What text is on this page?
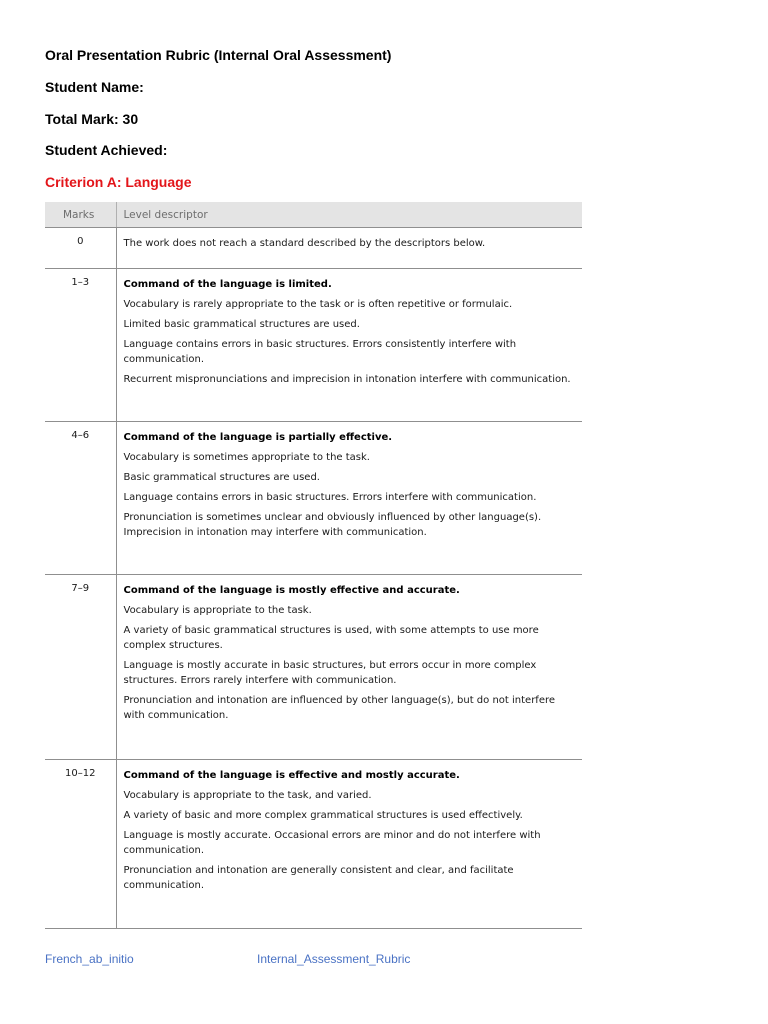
Oral Presentation Rubric (Internal Oral Assessment)
Student Name:
Total Mark: 30
Student Achieved:
Criterion A: Language
Marks	Level descriptor
0	The work does not reach a standard described by the descriptors below.

1–3	Command of the language is limited.
Vocabulary is rarely appropriate to the task or is often repetitive or formulaic.
Limited basic grammatical structures are used.
Language contains errors in basic structures. Errors consistently interfere with communication.
Recurrent mispronunciations and imprecision in intonation interfere with communication.

4–6	Command of the language is partially effective.
Vocabulary is sometimes appropriate to the task.
Basic grammatical structures are used.
Language contains errors in basic structures. Errors interfere with communication.
Pronunciation is sometimes unclear and obviously influenced by other language(s). Imprecision in intonation may interfere with communication.

7–9	Command of the language is mostly effective and accurate.
Vocabulary is appropriate to the task.
A variety of basic grammatical structures is used, with some attempts to use more complex structures.
Language is mostly accurate in basic structures, but errors occur in more complex structures. Errors rarely interfere with communication.
Pronunciation and intonation are influenced by other language(s), but do not interfere with communication.

10–12	Command of the language is effective and mostly accurate.
Vocabulary is appropriate to the task, and varied.
A variety of basic and more complex grammatical structures is used effectively.
Language is mostly accurate. Occasional errors are minor and do not interfere with communication.
Pronunciation and intonation are generally consistent and clear, and facilitate communication.
French_ab_initio	Internal_Assessment_Rubric
